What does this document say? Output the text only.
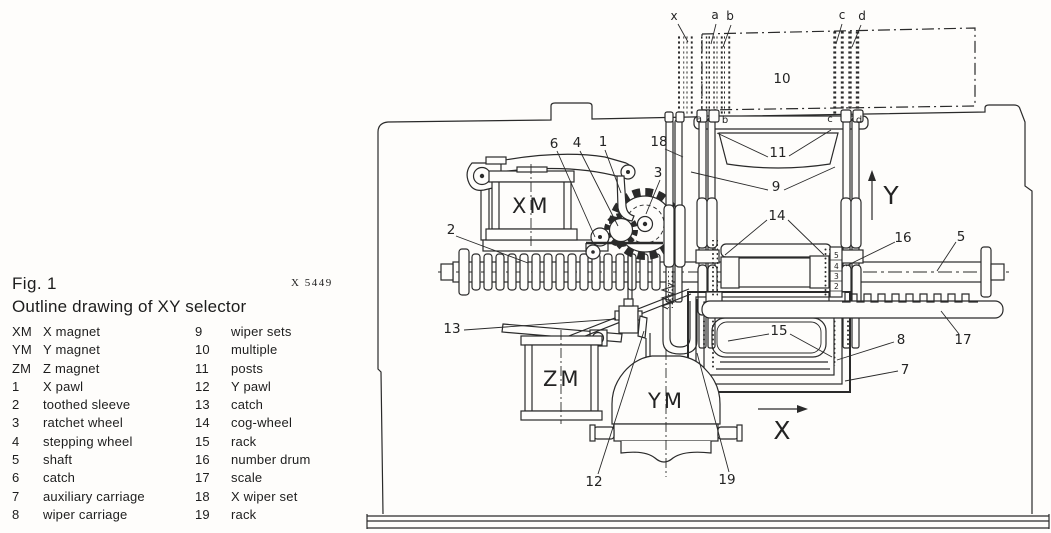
Fig. 1	X 5449
Outline drawing of XY selector
XM X magnet	9	wiper sets
YM Y magnet	10	multiple
ZM Z magnet	11	posts
1	X pawl	12	Y pawl
2	toothed sleeve	13	catch
3	ratchet wheel	14	cog-wheel
4	stepping wheel	15	rack
5	shaft	16	number drum
6	catch	17	scale
7	auxiliary carriage	18	X wiper set
8	wiper carriage	19	rack
XM
5
4
3
2
ZM
YM
x	a b	c d
a b	c d
10
6 4 1	18
3
2
13
11
9
14
16	5
15
8	17
7
12	19
Y
X
